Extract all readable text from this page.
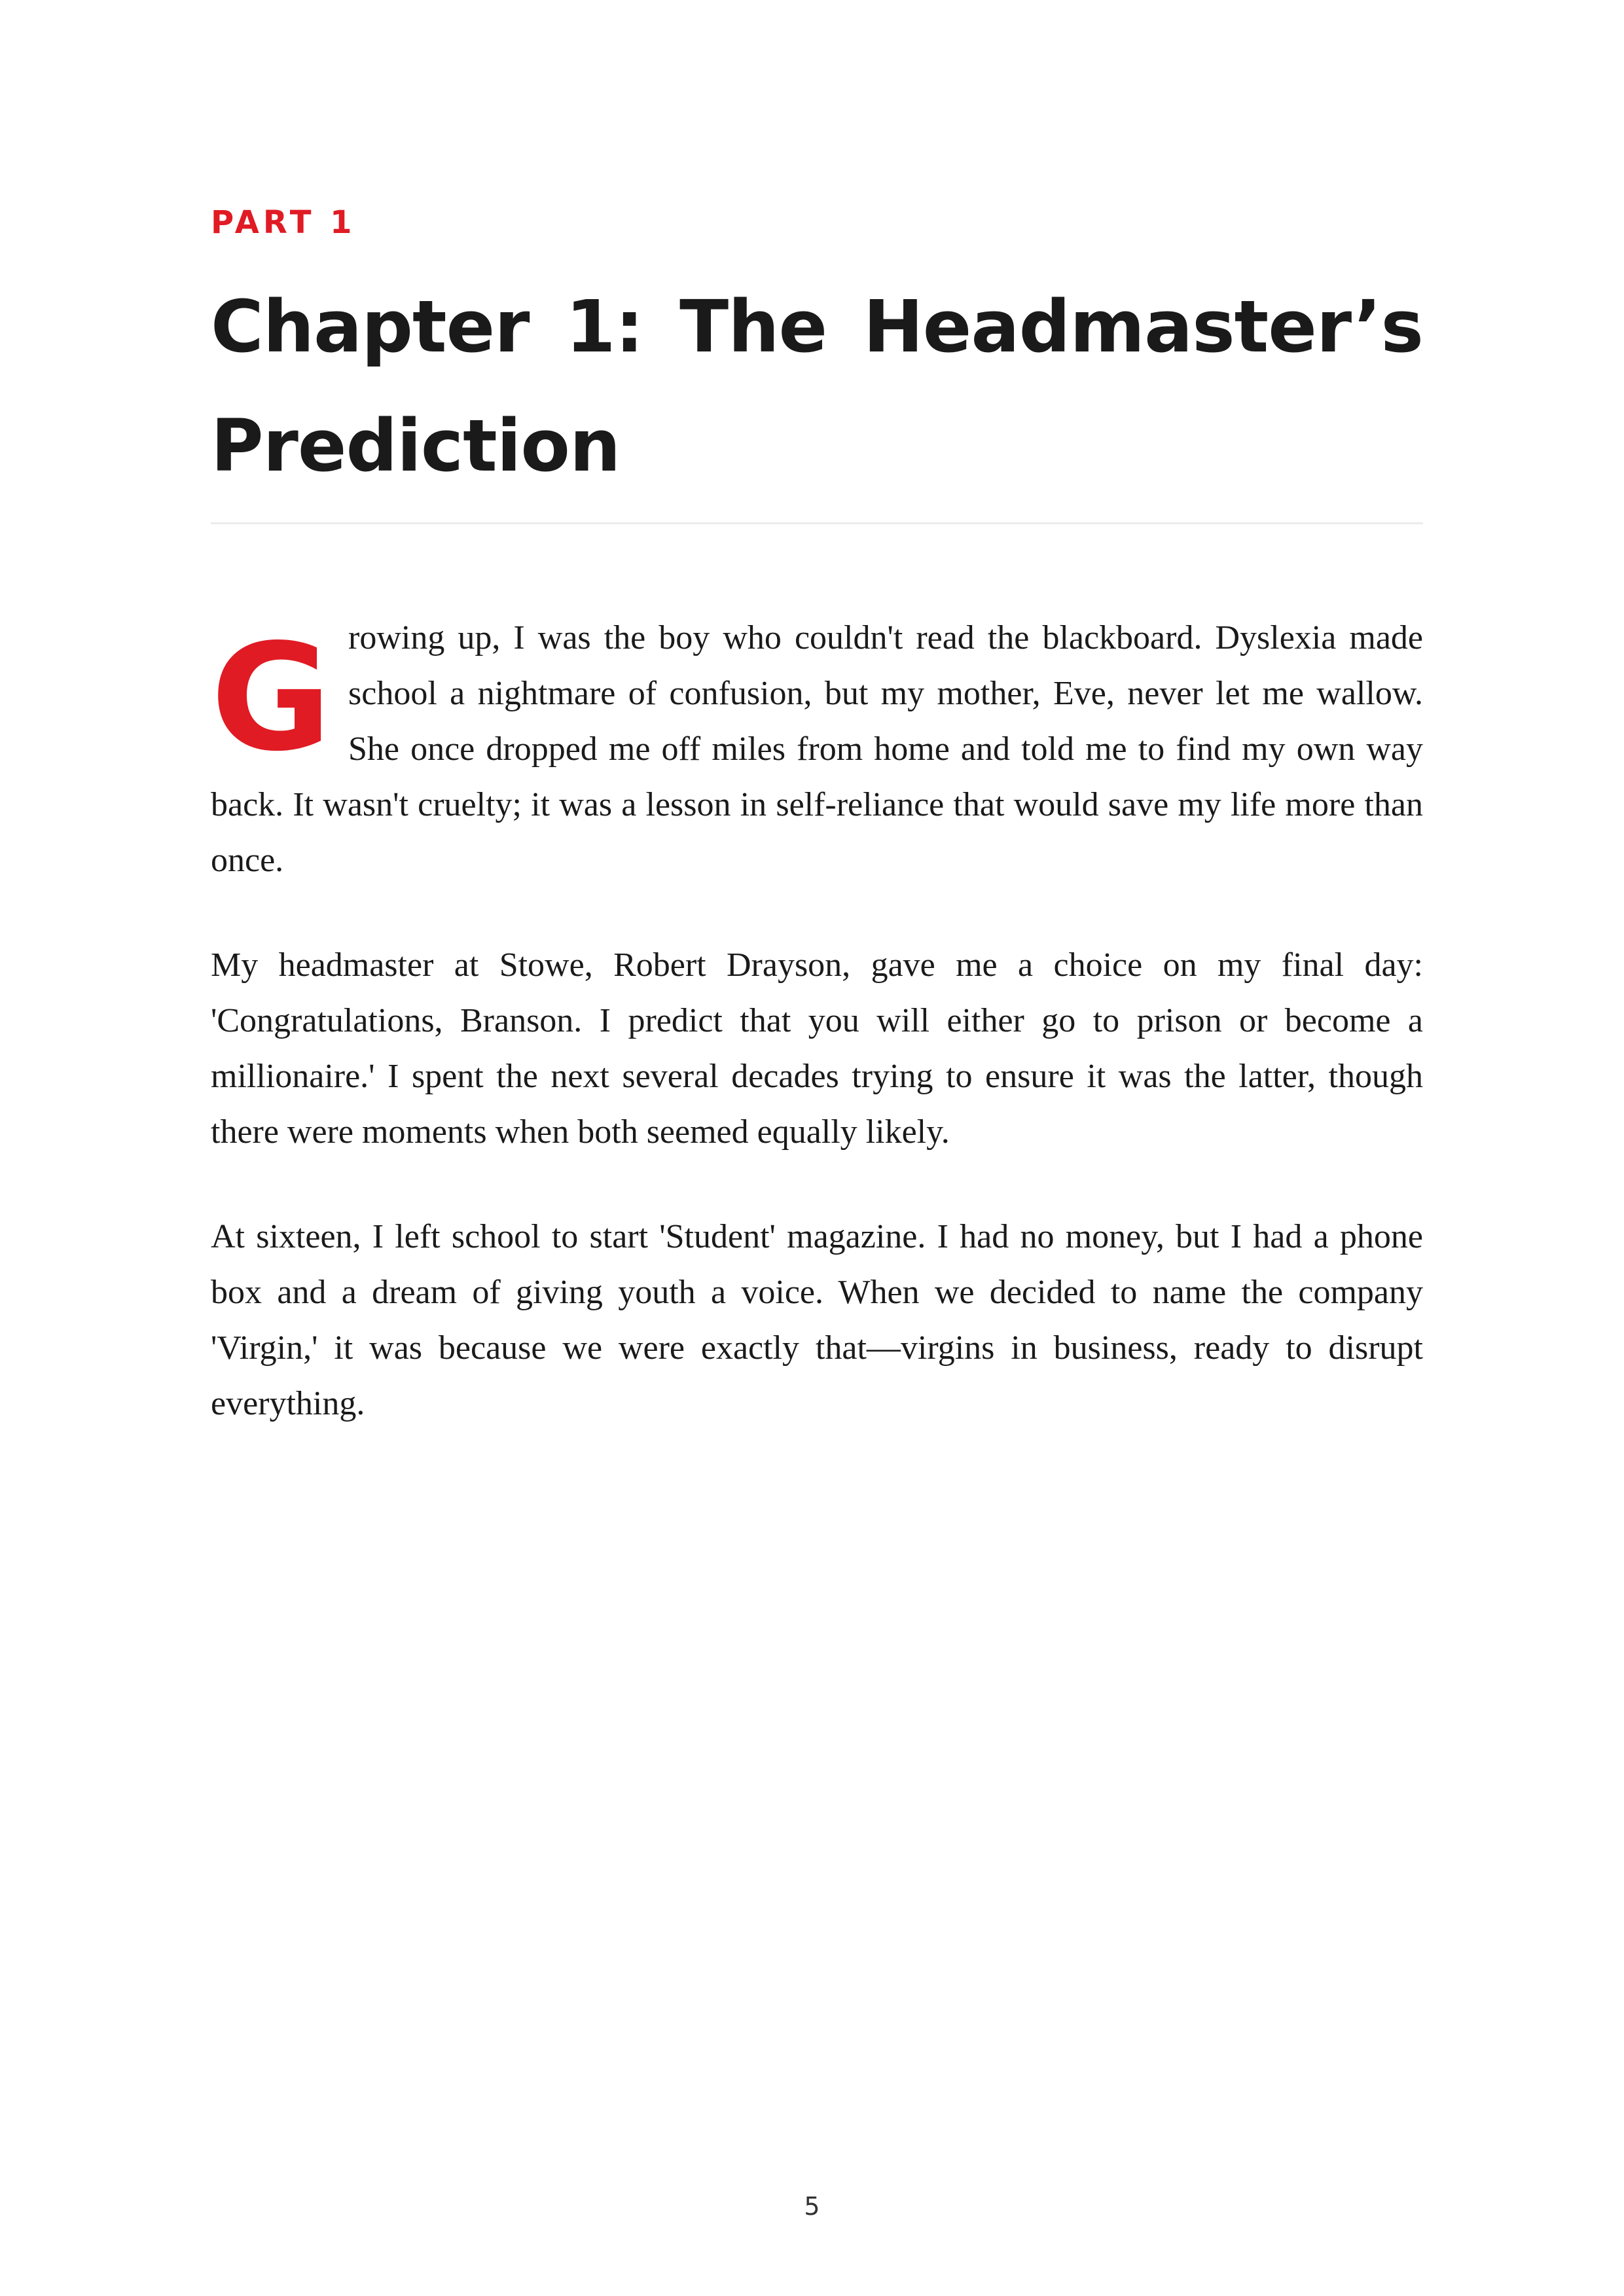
PART 1
Chapter 1: The Headmaster’s Prediction

G rowing up, I was the boy who couldn't read the blackboard. Dyslexia made school a nightmare of confusion, but my mother, Eve, never let me wallow. She once dropped me off miles from home and told me to find my own way back. It wasn't cruelty; it was a lesson in self-reliance that would save my life more than once.

My headmaster at Stowe, Robert Drayson, gave me a choice on my final day: 'Congratulations, Branson. I predict that you will either go to prison or become a millionaire.' I spent the next several decades trying to ensure it was the latter, though there were moments when both seemed equally likely.

At sixteen, I left school to start 'Student' magazine. I had no money, but I had a phone box and a dream of giving youth a voice. When we decided to name the company 'Virgin,' it was because we were exactly that—virgins in business, ready to disrupt everything.

5
